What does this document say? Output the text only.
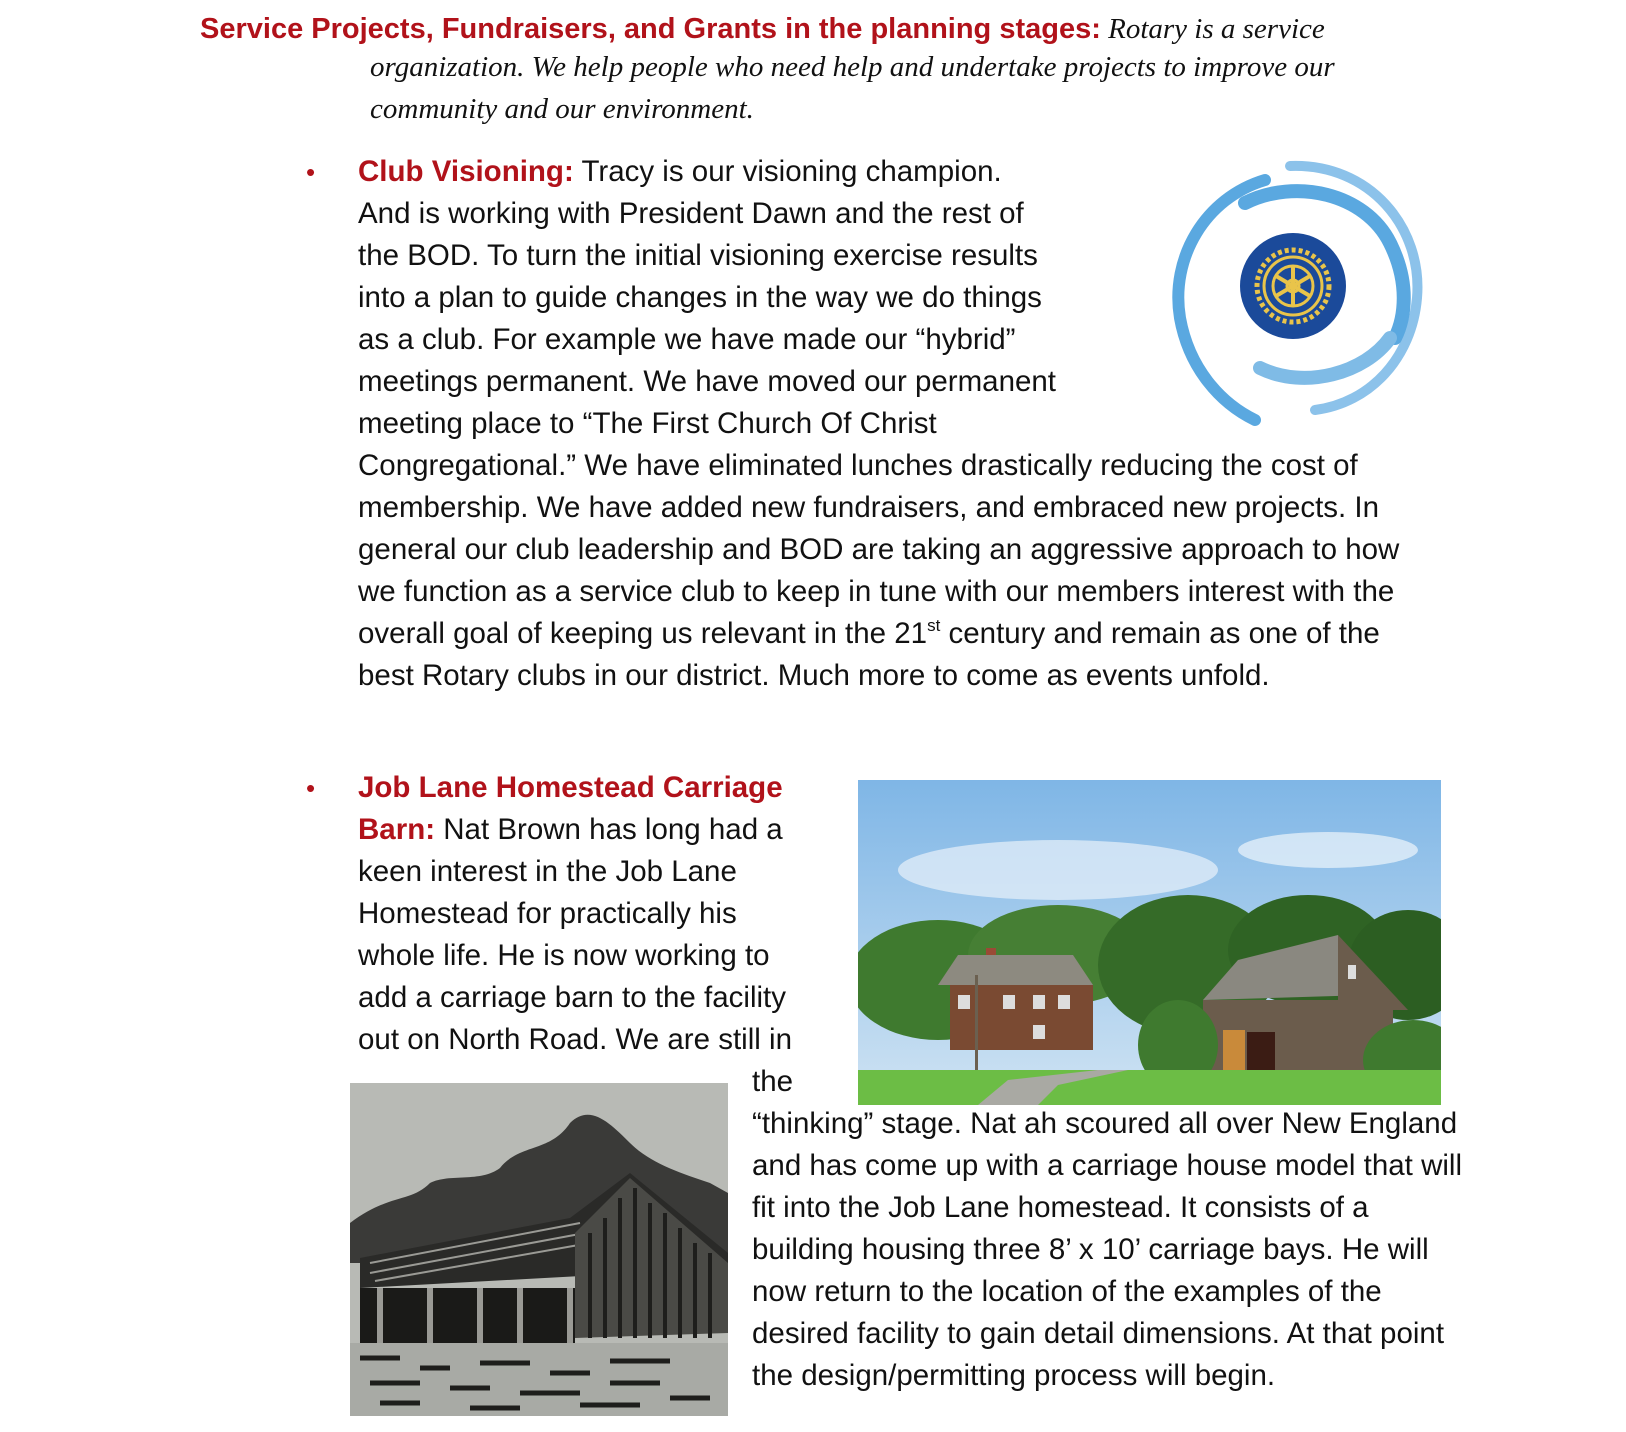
Service Projects, Fundraisers, and Grants in the planning stages: Rotary is a service
organization. We help people who need help and undertake projects to improve our
community and our environment.
• Club Visioning: Tracy is our visioning champion.
And is working with President Dawn and the rest of
the BOD. To turn the initial visioning exercise results
into a plan to guide changes in the way we do things
as a club. For example we have made our “hybrid”
meetings permanent. We have moved our permanent
meeting place to “The First Church Of Christ
Congregational.” We have eliminated lunches drastically reducing the cost of
membership. We have added new fundraisers, and embraced new projects. In
general our club leadership and BOD are taking an aggressive approach to how
we function as a service club to keep in tune with our members interest with the
overall goal of keeping us relevant in the 21st century and remain as one of the
best Rotary clubs in our district. Much more to come as events unfold.
• Job Lane Homestead Carriage
Barn: Nat Brown has long had a
keen interest in the Job Lane
Homestead for practically his
whole life. He is now working to
add a carriage barn to the facility
out on North Road. We are still in
the
“thinking” stage. Nat ah scoured all over New England
and has come up with a carriage house model that will
fit into the Job Lane homestead. It consists of a
building housing three 8’ x 10’ carriage bays. He will
now return to the location of the examples of the
desired facility to gain detail dimensions. At that point
the design/permitting process will begin.
